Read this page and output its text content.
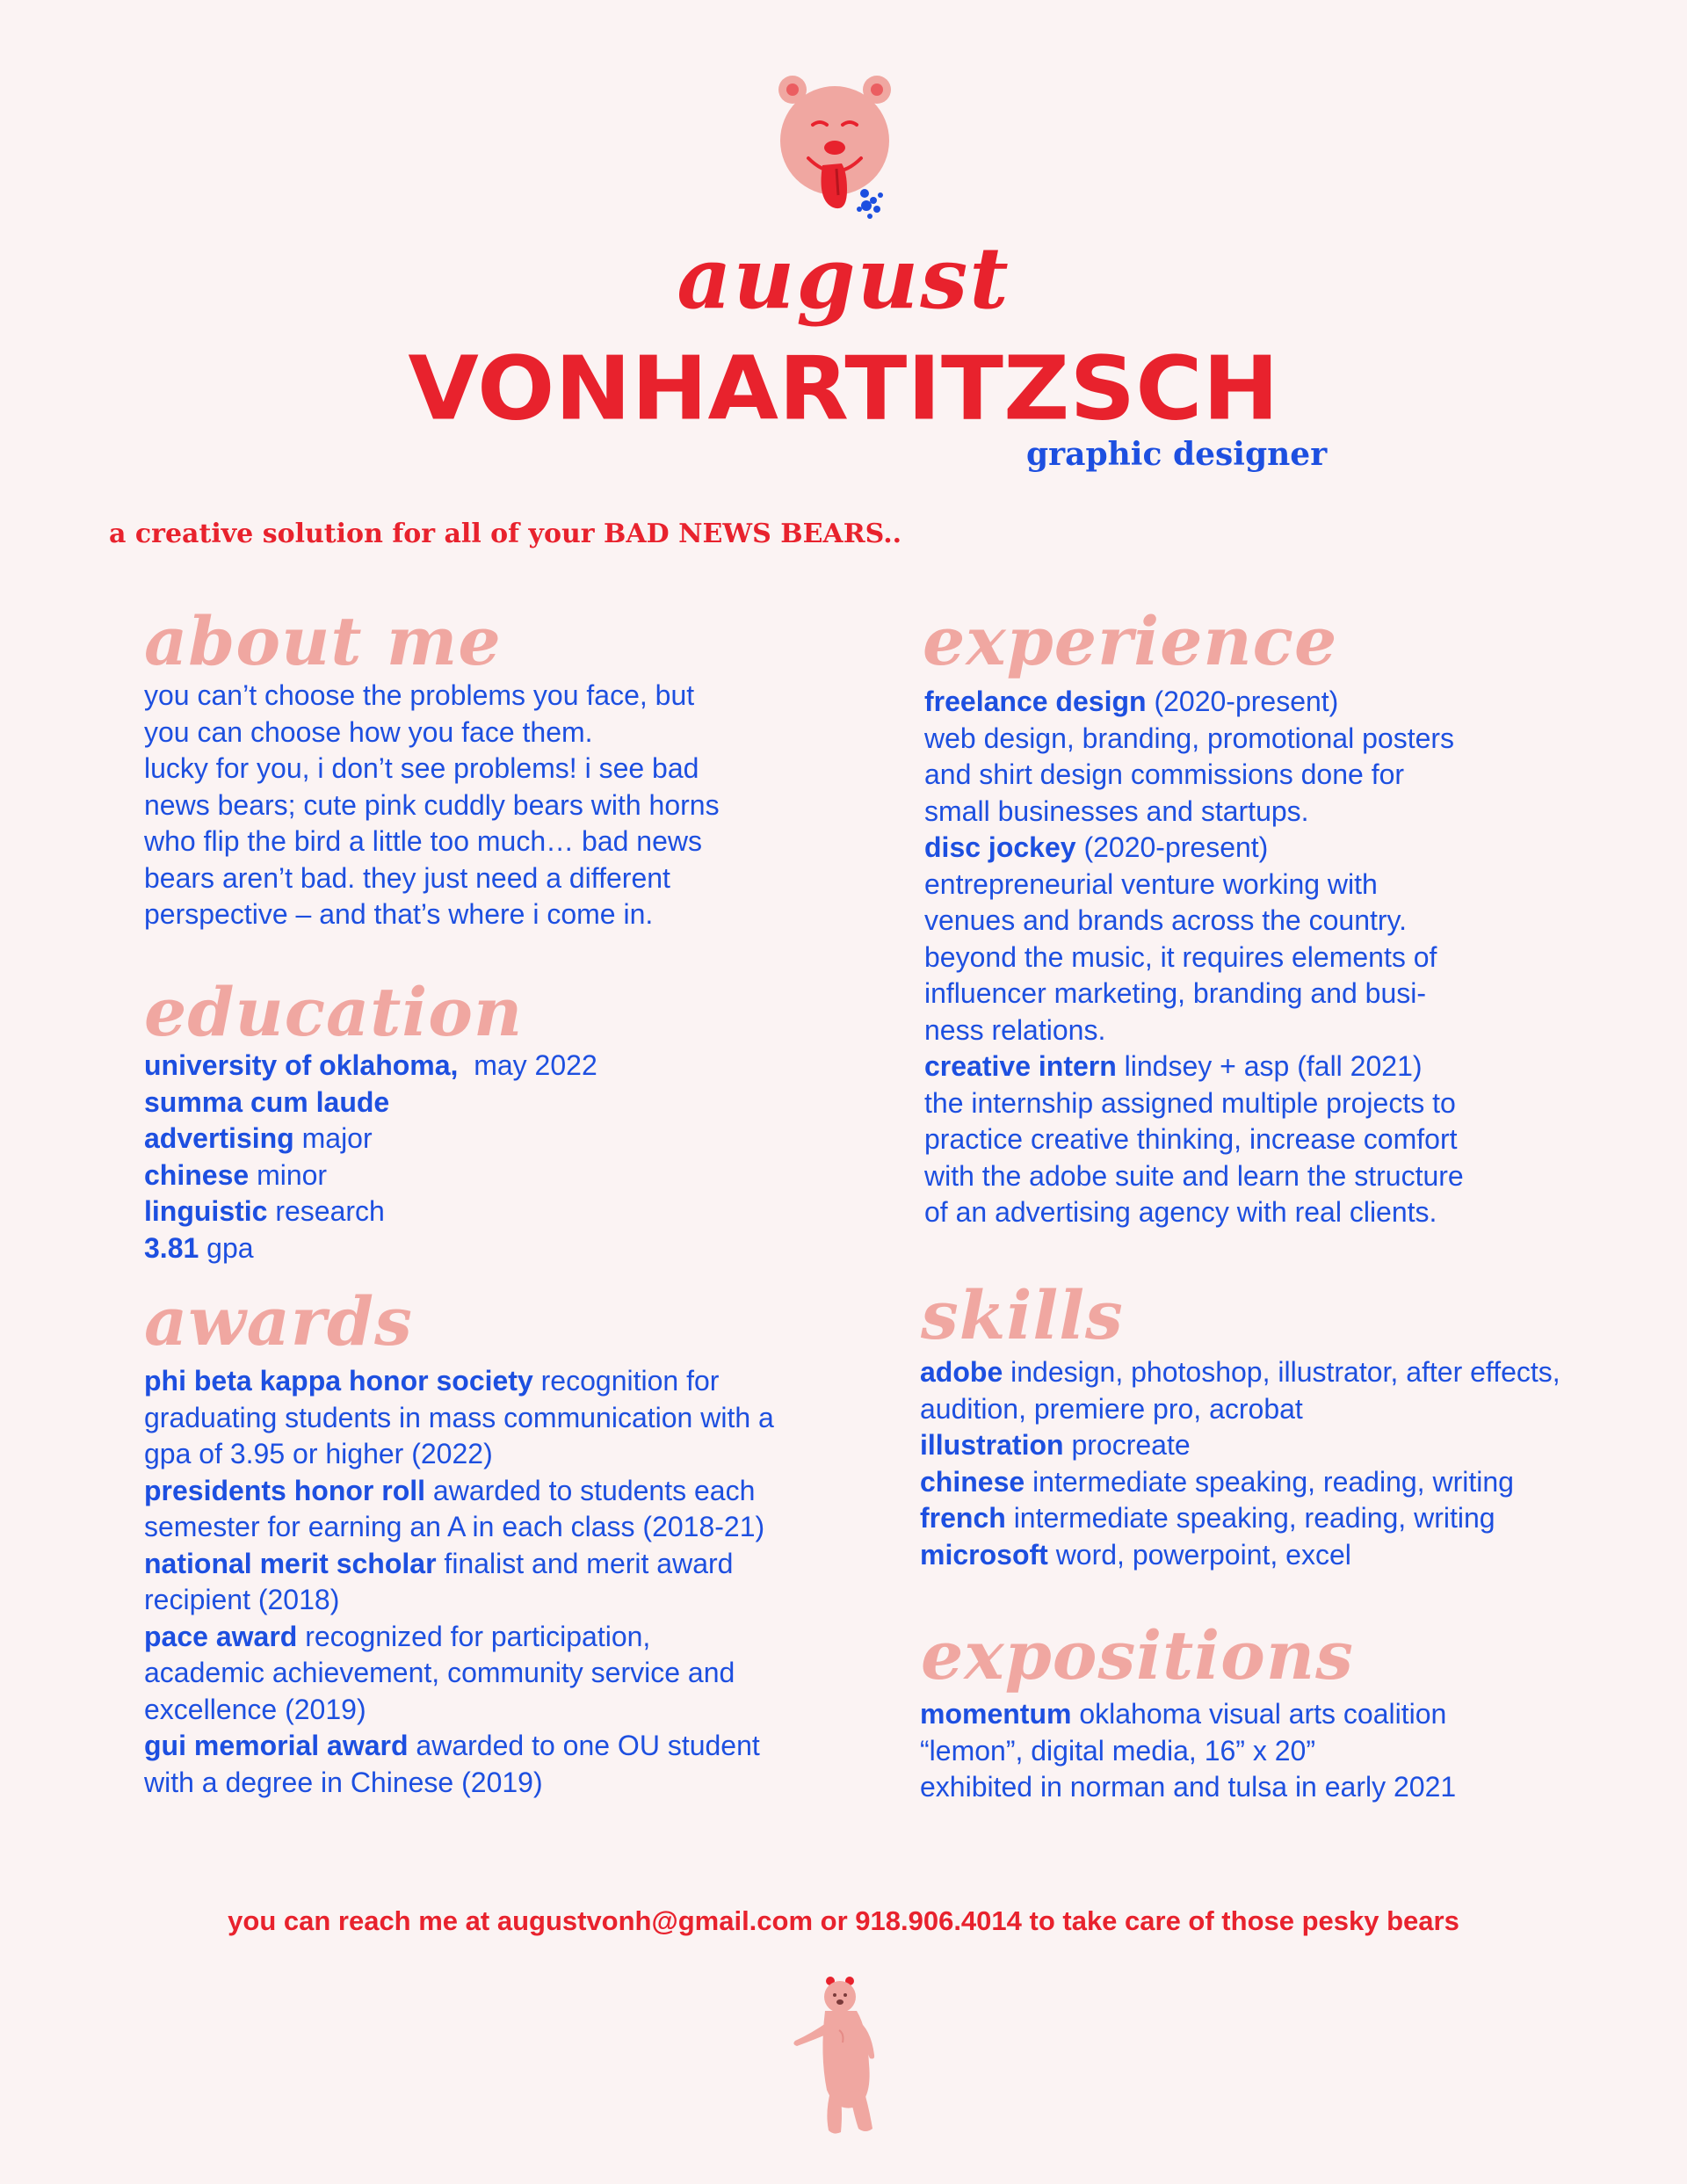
august
VONHARTITZSCH
graphic designer
a creative solution for all of your BAD NEWS BEARS..
about me

you can’t choose the problems you face, but

you can choose how you face them.

lucky for you, i don’t see problems! i see bad

news bears; cute pink cuddly bears with horns

who flip the bird a little too much… bad news

bears aren’t bad. they just need a different

perspective – and that’s where i come in.

education

university of oklahoma,  may 2022

summa cum laude

advertising major

chinese minor

linguistic research

3.81 gpa

awards

phi beta kappa honor society recognition for

graduating students in mass communication with a

gpa of 3.95 or higher (2022)

presidents honor roll awarded to students each

semester for earning an A in each class (2018-21)

national merit scholar finalist and merit award

recipient (2018)

pace award recognized for participation,

academic achievement, community service and

excellence (2019)

gui memorial award awarded to one OU student

with a degree in Chinese (2019)

experience

freelance design (2020-present)

web design, branding, promotional posters

and shirt design commissions done for

small businesses and startups.

disc jockey (2020-present)

entrepreneurial venture working with

venues and brands across the country.

beyond the music, it requires elements of

influencer marketing, branding and busi-

ness relations.

creative intern lindsey + asp (fall 2021)

the internship assigned multiple projects to

practice creative thinking, increase comfort

with the adobe suite and learn the structure

of an advertising agency with real clients.

skills

adobe indesign, photoshop, illustrator, after effects,

audition, premiere pro, acrobat

illustration procreate

chinese intermediate speaking, reading, writing

french intermediate speaking, reading, writing

microsoft word, powerpoint, excel

expositions

momentum oklahoma visual arts coalition

“lemon”, digital media, 16” x 20”

exhibited in norman and tulsa in early 2021

you can reach me at augustvonh@gmail.com or 918.906.4014 to take care of those pesky bears
